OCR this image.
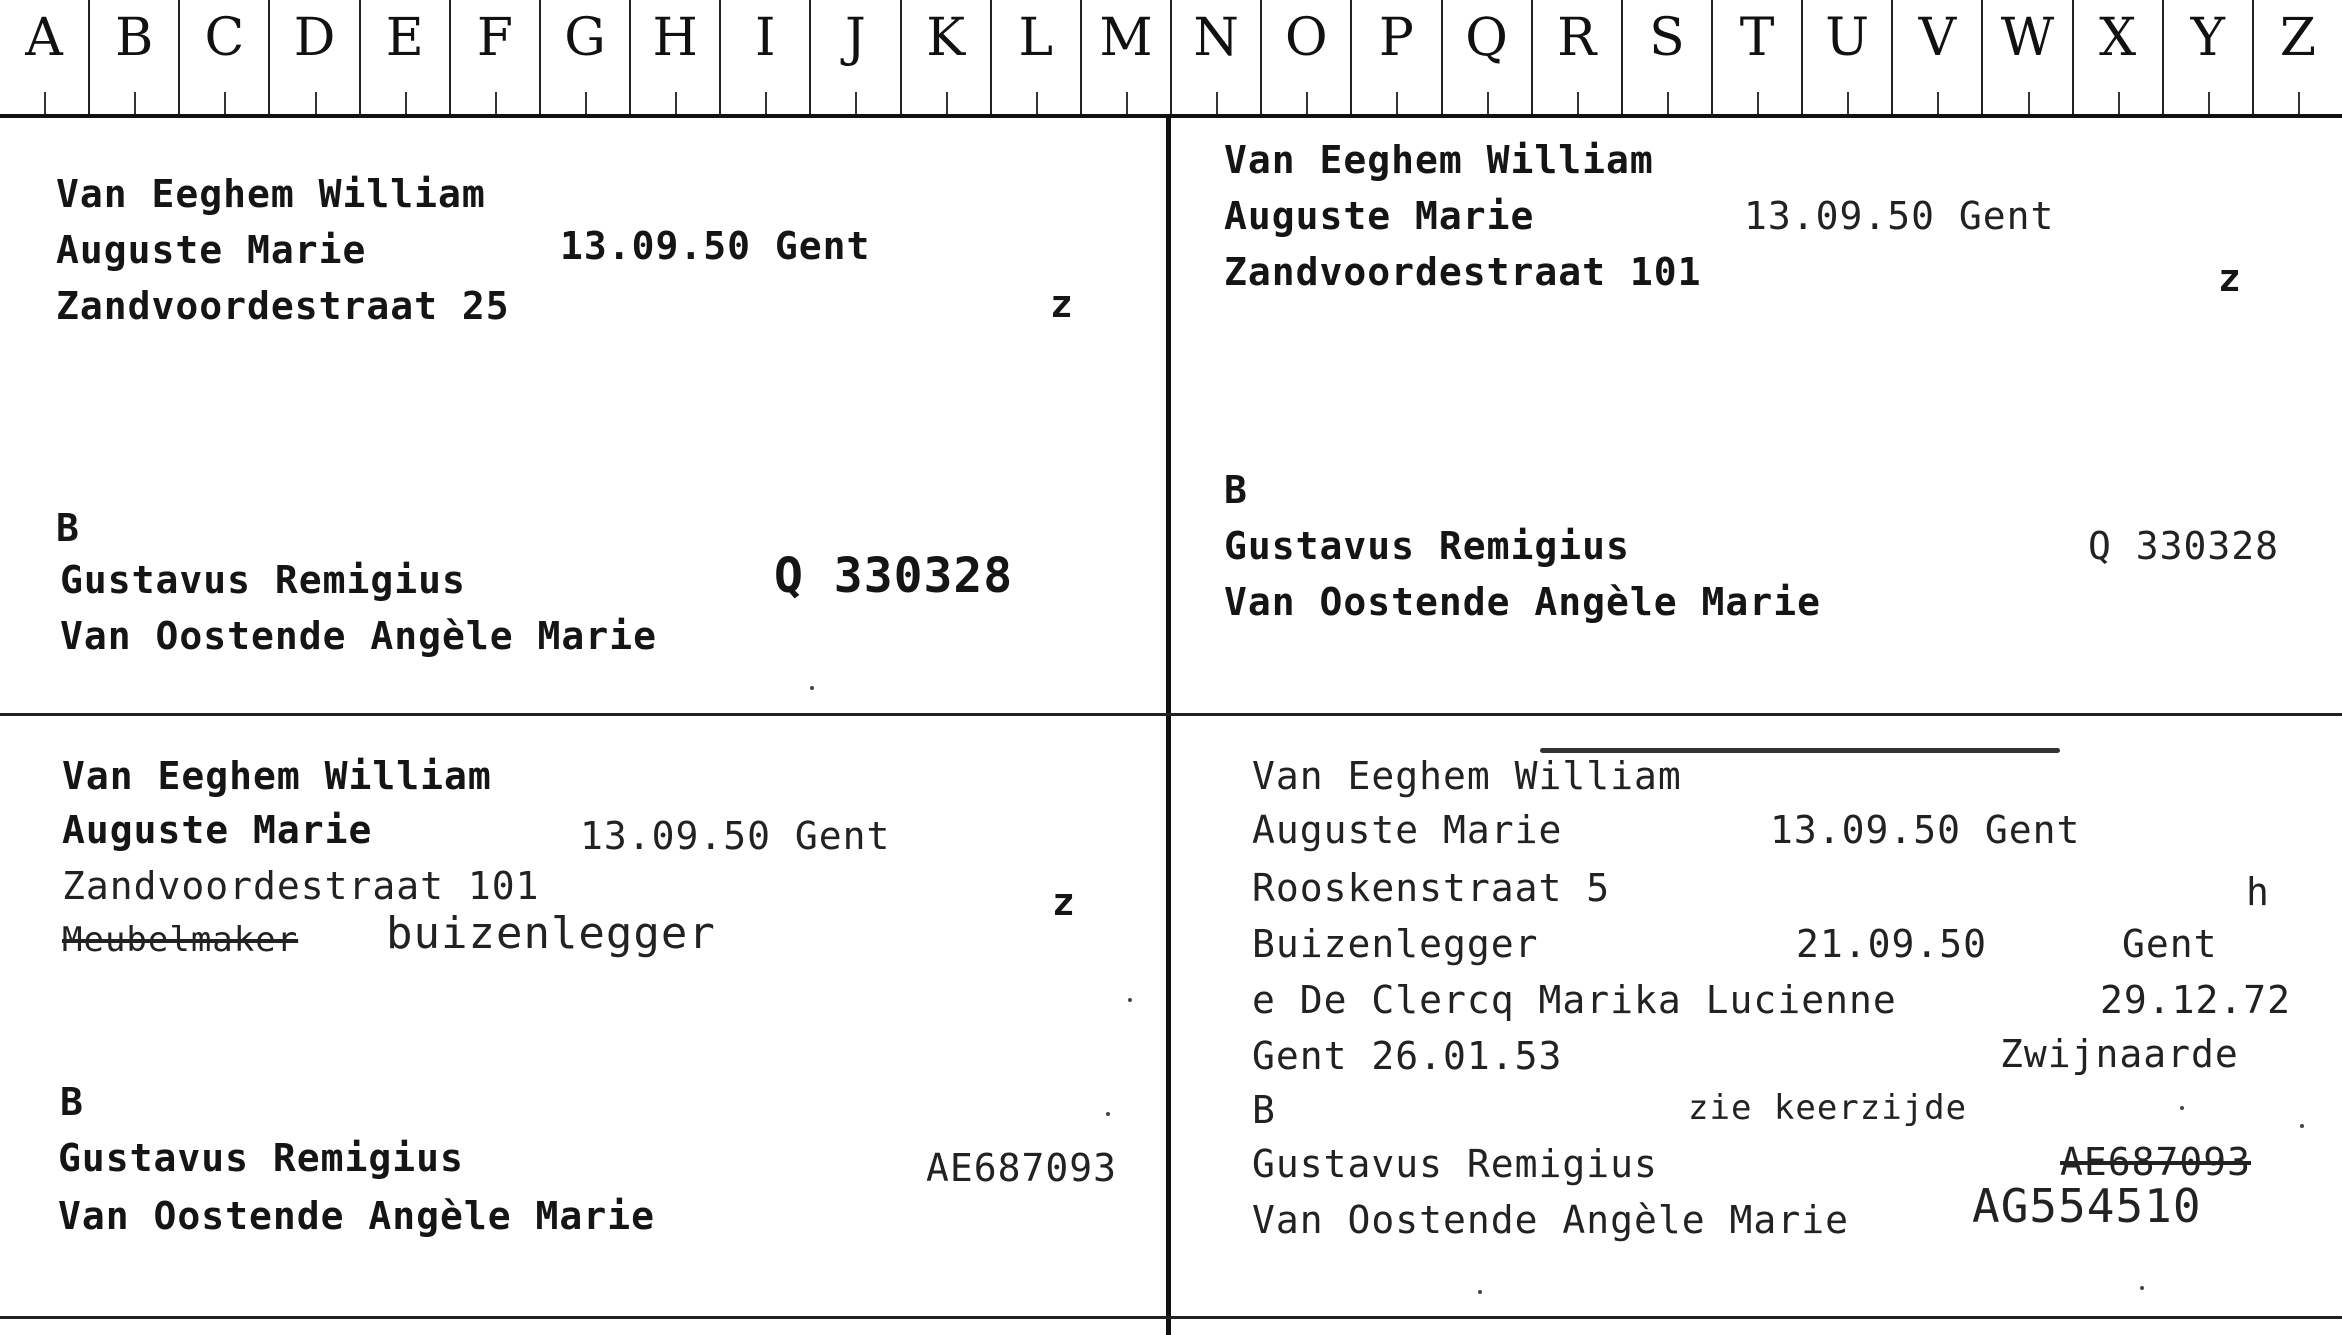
A	B C D E	F G H	I	J	K	L M N O P Q R	S	T U V W X	Y	Z
Van Eeghem William
Auguste Marie	13.09.50 Gent
Zandvoordestraat 25	z
B
Gustavus Remigius
Van Oostende Angèle Marie
Q 330328
Van Eeghem William
Auguste Marie	13.09.50 Gent
Zandvoordestraat 101	z
B
Gustavus Remigius
Van Oostende Angèle Marie
Q 330328
Van Eeghem William
Auguste Marie	13.09.50 Gent
Zandvoordestraat 101	z
Meubelmaker buizenlegger
B
Gustavus Remigius
Van Oostende Angèle Marie
AE687093
Van Eeghem William
Auguste Marie	13.09.50 Gent
Rooskenstraat 5	h
Buizenlegger	21.09.50	Gent
e De Clercq Marika Lucienne	29.12.72
Gent 26.01.53	Zwijnaarde
B	zie keerzijde
Gustavus Remigius	AE687093
Van Oostende Angèle Marie	AG554510
